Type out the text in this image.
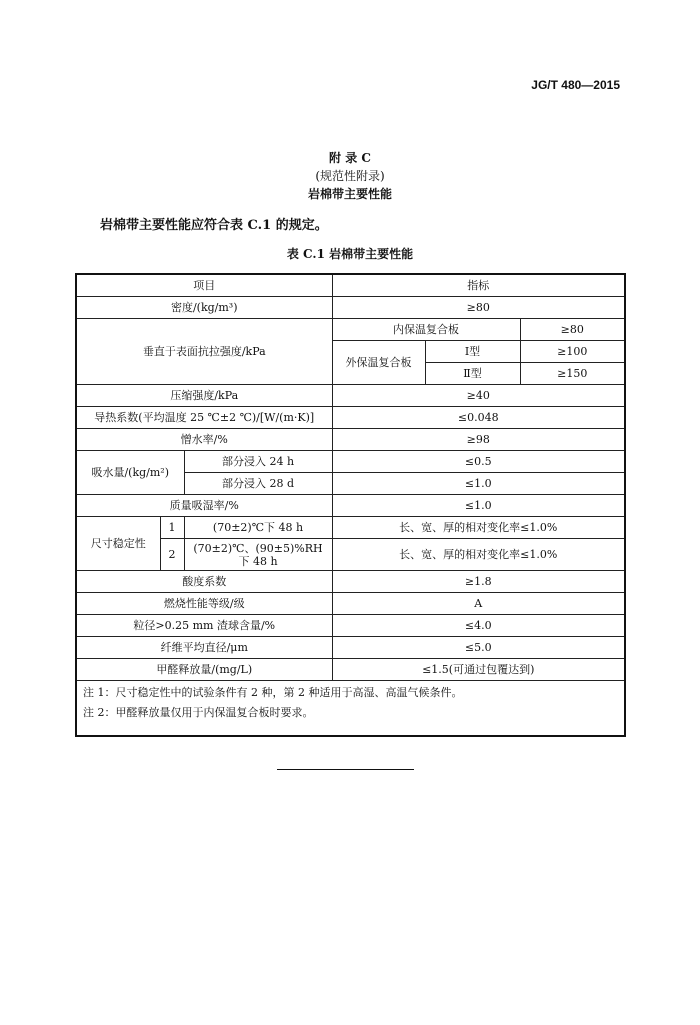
JG/T 480—2015
附 录 C
(规范性附录)
岩棉带主要性能
岩棉带主要性能应符合表 C.1 的规定。
表 C.1 岩棉带主要性能
项目			指标		
密度/(kg/m³)			≥80		
垂直于表面抗拉强度/kPa			内保温复合板		≥80
			外保温复合板	Ⅰ型	≥100
				Ⅱ型	≥150
压缩强度/kPa			≥40		
导热系数(平均温度 25 ℃±2 ℃)/[W/(m·K)]			≤0.048		
憎水率/%			≥98		
吸水量/(kg/m²)		部分浸入 24 h	≤0.5		
		部分浸入 28 d	≤1.0		
质量吸湿率/%			≤1.0		
尺寸稳定性	1	(70±2)℃下 48 h	长、宽、厚的相对变化率≤1.0%		
	2	(70±2)℃、(90±5)%RH 下 48 h	长、宽、厚的相对变化率≤1.0%		
酸度系数			≥1.8		
燃烧性能等级/级			A		
粒径>0.25 mm 渣球含量/%			≤4.0		
纤维平均直径/μm			≤5.0		
甲醛释放量/(mg/L)			≤1.5(可通过包覆达到)		

注 1：尺寸稳定性中的试验条件有 2 种，第 2 种适用于高湿、高温气候条件。
注 2：甲醛释放量仅用于内保温复合板时要求。					
